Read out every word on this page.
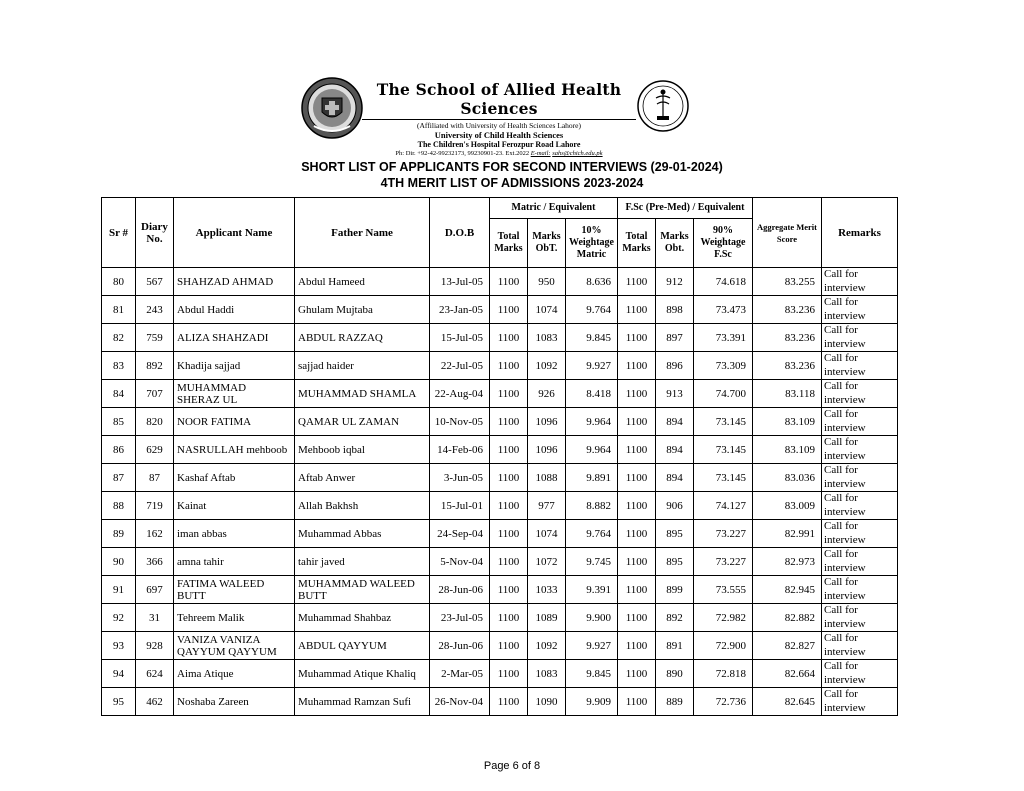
The School of Allied Health Sciences
(Affiliated with University of Health Sciences Lahore)
University of Child Health Sciences
The Children's Hospital Ferozpur Road Lahore
Ph: Dir. +92-42-99232173, 99230901-23. Ext.2022 E-mail: sahs@chich.edu.pk
SHORT LIST OF APPLICANTS FOR SECOND INTERVIEWS (29-01-2024)
4TH MERIT LIST OF ADMISSIONS 2023-2024
Sr #	Diary No.	Applicant Name	Father Name	D.O.B	Matric / Equivalent			F.Sc (Pre-Med) / Equivalent			Aggregate Merit Score	Remarks
					Total Marks	Marks ObT.	10% Weightage Matric	Total Marks	Marks Obt.	90% Weightage F.Sc		
80	567	SHAHZAD AHMAD	Abdul Hameed	13-Jul-05	1100	950	8.636	1100	912	74.618	83.255	Call for interview
81	243	Abdul Haddi	Ghulam Mujtaba	23-Jan-05	1100	1074	9.764	1100	898	73.473	83.236	Call for interview
82	759	ALIZA SHAHZADI	ABDUL RAZZAQ	15-Jul-05	1100	1083	9.845	1100	897	73.391	83.236	Call for interview
83	892	Khadija sajjad	sajjad haider	22-Jul-05	1100	1092	9.927	1100	896	73.309	83.236	Call for interview
84	707	MUHAMMAD SHERAZ UL	MUHAMMAD SHAMLA	22-Aug-04	1100	926	8.418	1100	913	74.700	83.118	Call for interview
85	820	NOOR FATIMA	QAMAR UL ZAMAN	10-Nov-05	1100	1096	9.964	1100	894	73.145	83.109	Call for interview
86	629	NASRULLAH mehboob	Mehboob iqbal	14-Feb-06	1100	1096	9.964	1100	894	73.145	83.109	Call for interview
87	87	Kashaf Aftab	Aftab Anwer	3-Jun-05	1100	1088	9.891	1100	894	73.145	83.036	Call for interview
88	719	Kainat	Allah Bakhsh	15-Jul-01	1100	977	8.882	1100	906	74.127	83.009	Call for interview
89	162	iman abbas	Muhammad Abbas	24-Sep-04	1100	1074	9.764	1100	895	73.227	82.991	Call for interview
90	366	amna tahir	tahir javed	5-Nov-04	1100	1072	9.745	1100	895	73.227	82.973	Call for interview
91	697	FATIMA WALEED BUTT	MUHAMMAD WALEED BUTT	28-Jun-06	1100	1033	9.391	1100	899	73.555	82.945	Call for interview
92	31	Tehreem Malik	Muhammad Shahbaz	23-Jul-05	1100	1089	9.900	1100	892	72.982	82.882	Call for interview
93	928	VANIZA VANIZA QAYYUM QAYYUM	ABDUL QAYYUM	28-Jun-06	1100	1092	9.927	1100	891	72.900	82.827	Call for interview
94	624	Aima Atique	Muhammad Atique Khaliq	2-Mar-05	1100	1083	9.845	1100	890	72.818	82.664	Call for interview
95	462	Noshaba Zareen	Muhammad Ramzan Sufi	26-Nov-04	1100	1090	9.909	1100	889	72.736	82.645	Call for interview
Page 6 of 8
